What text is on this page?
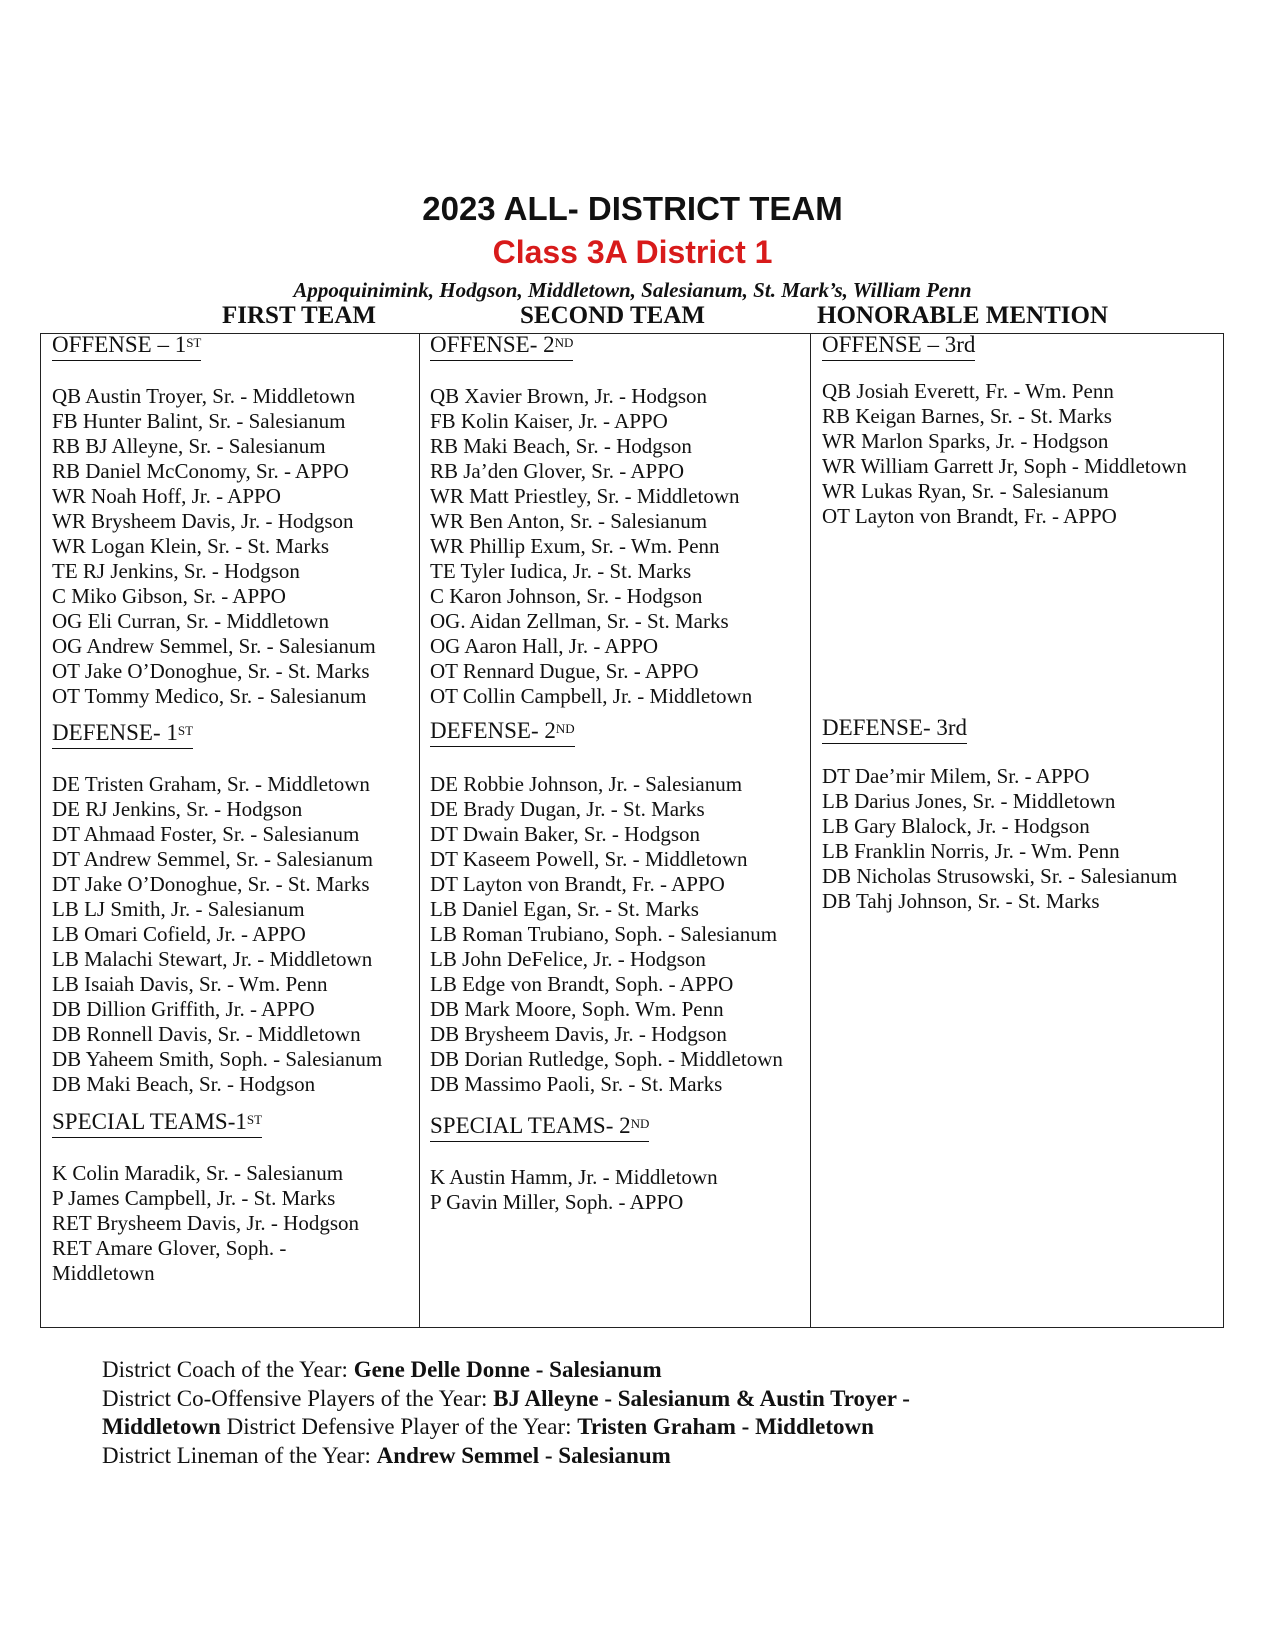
2023 ALL- DISTRICT TEAM
Class 3A District 1
Appoquinimink, Hodgson, Middletown, Salesianum, St. Mark’s, William Penn
FIRST TEAM	SECOND TEAM	HONORABLE MENTION
OFFENSE – 1ST
QB Austin Troyer, Sr. - Middletown
FB Hunter Balint, Sr. - Salesianum
RB BJ Alleyne, Sr. - Salesianum
RB Daniel McConomy, Sr. - APPO
WR Noah Hoff, Jr. - APPO
WR Brysheem Davis, Jr. - Hodgson
WR Logan Klein, Sr. - St. Marks
TE RJ Jenkins, Sr. - Hodgson
C Miko Gibson, Sr. - APPO
OG Eli Curran, Sr. - Middletown
OG Andrew Semmel, Sr. - Salesianum
OT Jake O’Donoghue, Sr. - St. Marks
OT Tommy Medico, Sr. - Salesianum
DEFENSE- 1ST
DE Tristen Graham, Sr. - Middletown
DE RJ Jenkins, Sr. - Hodgson
DT Ahmaad Foster, Sr. - Salesianum
DT Andrew Semmel, Sr. - Salesianum
DT Jake O’Donoghue, Sr. - St. Marks
LB LJ Smith, Jr. - Salesianum
LB Omari Cofield, Jr. - APPO
LB Malachi Stewart, Jr. - Middletown
LB Isaiah Davis, Sr. - Wm. Penn
DB Dillion Griffith, Jr. - APPO
DB Ronnell Davis, Sr. - Middletown
DB Yaheem Smith, Soph. - Salesianum
DB Maki Beach, Sr. - Hodgson
SPECIAL TEAMS-1ST
K Colin Maradik, Sr. - Salesianum
P James Campbell, Jr. - St. Marks
RET Brysheem Davis, Jr. - Hodgson
RET Amare Glover, Soph. - Middletown
OFFENSE- 2ND
QB Xavier Brown, Jr. - Hodgson
FB Kolin Kaiser, Jr. - APPO
RB Maki Beach, Sr. - Hodgson
RB Ja’den Glover, Sr. - APPO
WR Matt Priestley, Sr. - Middletown
WR Ben Anton, Sr. - Salesianum
WR Phillip Exum, Sr. - Wm. Penn
TE Tyler Iudica, Jr. - St. Marks
C Karon Johnson, Sr. - Hodgson
OG. Aidan Zellman, Sr. - St. Marks
OG Aaron Hall, Jr. - APPO
OT Rennard Dugue, Sr. - APPO
OT Collin Campbell, Jr. - Middletown
DEFENSE- 2ND
DE Robbie Johnson, Jr. - Salesianum
DE Brady Dugan, Jr. - St. Marks
DT Dwain Baker, Sr. - Hodgson
DT Kaseem Powell, Sr. - Middletown
DT Layton von Brandt, Fr. - APPO
LB Daniel Egan, Sr. - St. Marks
LB Roman Trubiano, Soph. - Salesianum
LB John DeFelice, Jr. - Hodgson
LB Edge von Brandt, Soph. - APPO
DB Mark Moore, Soph. Wm. Penn
DB Brysheem Davis, Jr. - Hodgson
DB Dorian Rutledge, Soph. - Middletown
DB Massimo Paoli, Sr. - St. Marks
SPECIAL TEAMS- 2ND
K Austin Hamm, Jr. - Middletown
P Gavin Miller, Soph. - APPO
OFFENSE – 3rd
QB Josiah Everett, Fr. - Wm. Penn
RB Keigan Barnes, Sr. - St. Marks
WR Marlon Sparks, Jr. - Hodgson
WR William Garrett Jr, Soph - Middletown
WR Lukas Ryan, Sr. - Salesianum
OT Layton von Brandt, Fr. - APPO
DEFENSE- 3rd
DT Dae’mir Milem, Sr. - APPO
LB Darius Jones, Sr. - Middletown
LB Gary Blalock, Jr. - Hodgson
LB Franklin Norris, Jr. - Wm. Penn
DB Nicholas Strusowski, Sr. - Salesianum
DB Tahj Johnson, Sr. - St. Marks
District Coach of the Year: Gene Delle Donne - Salesianum
District Co-Offensive Players of the Year: BJ Alleyne - Salesianum & Austin Troyer -
Middletown District Defensive Player of the Year: Tristen Graham - Middletown
District Lineman of the Year: Andrew Semmel - Salesianum
